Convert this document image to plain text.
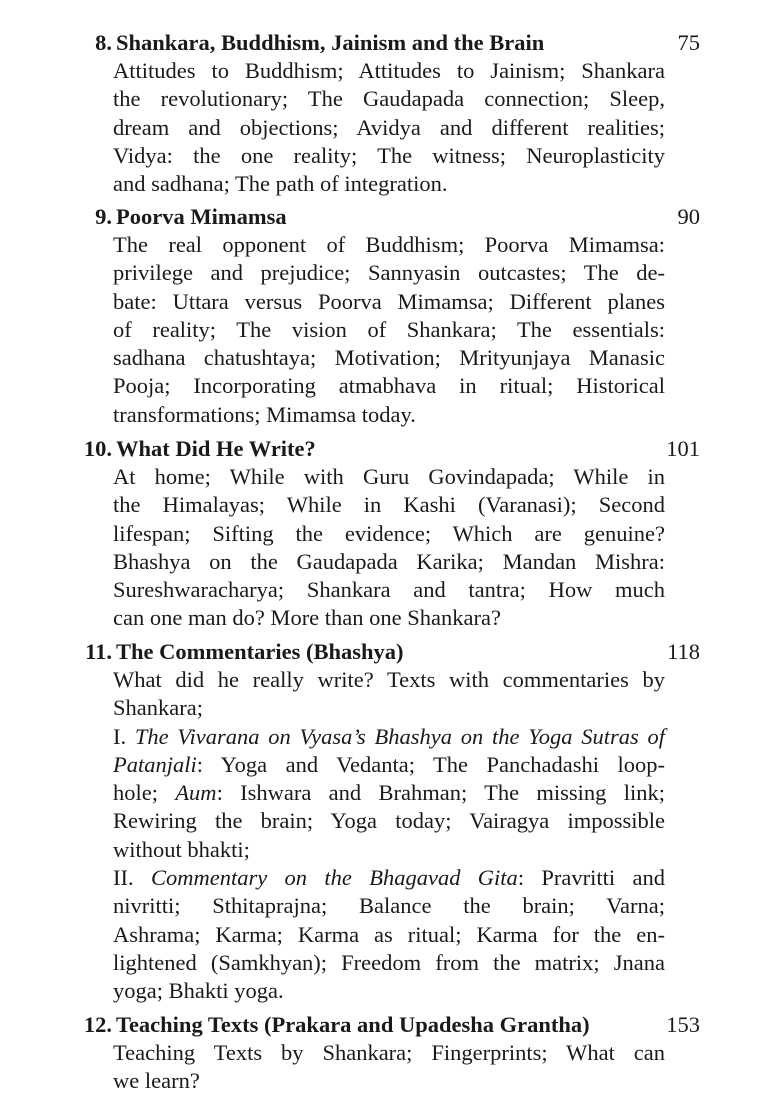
8. Shankara, Buddhism, Jainism and the Brain	75
Attitudes to Buddhism; Attitudes to Jainism; Shankara
the revolutionary; The Gaudapada connection; Sleep,
dream and objections; Avidya and different realities;
Vidya: the one reality; The witness; Neuroplasticity
and sadhana; The path of integration.
9. Poorva Mimamsa	90
The real opponent of Buddhism; Poorva Mimamsa:
privilege and prejudice; Sannyasin outcastes; The de-
bate: Uttara versus Poorva Mimamsa; Different planes
of reality; The vision of Shankara; The essentials:
sadhana chatushtaya; Motivation; Mrityunjaya Manasic
Pooja; Incorporating atmabhava in ritual; Historical
transformations; Mimamsa today.
10. What Did He Write?	101
At home; While with Guru Govindapada; While in
the Himalayas; While in Kashi (Varanasi); Second
lifespan; Sifting the evidence; Which are genuine?
Bhashya on the Gaudapada Karika; Mandan Mishra:
Sureshwaracharya; Shankara and tantra; How much
can one man do? More than one Shankara?
11. The Commentaries (Bhashya)	118
What did he really write? Texts with commentaries by
Shankara;
I. The Vivarana on Vyasa’s Bhashya on the Yoga Sutras of
Patanjali: Yoga and Vedanta; The Panchadashi loop-
hole; Aum: Ishwara and Brahman; The missing link;
Rewiring the brain; Yoga today; Vairagya impossible
without bhakti;
II. Commentary on the Bhagavad Gita: Pravritti and
nivritti; Sthitaprajna; Balance the brain; Varna;
Ashrama; Karma; Karma as ritual; Karma for the en-
lightened (Samkhyan); Freedom from the matrix; Jnana
yoga; Bhakti yoga.
12. Teaching Texts (Prakara and Upadesha Grantha)	153
Teaching Texts by Shankara; Fingerprints; What can
we learn?
